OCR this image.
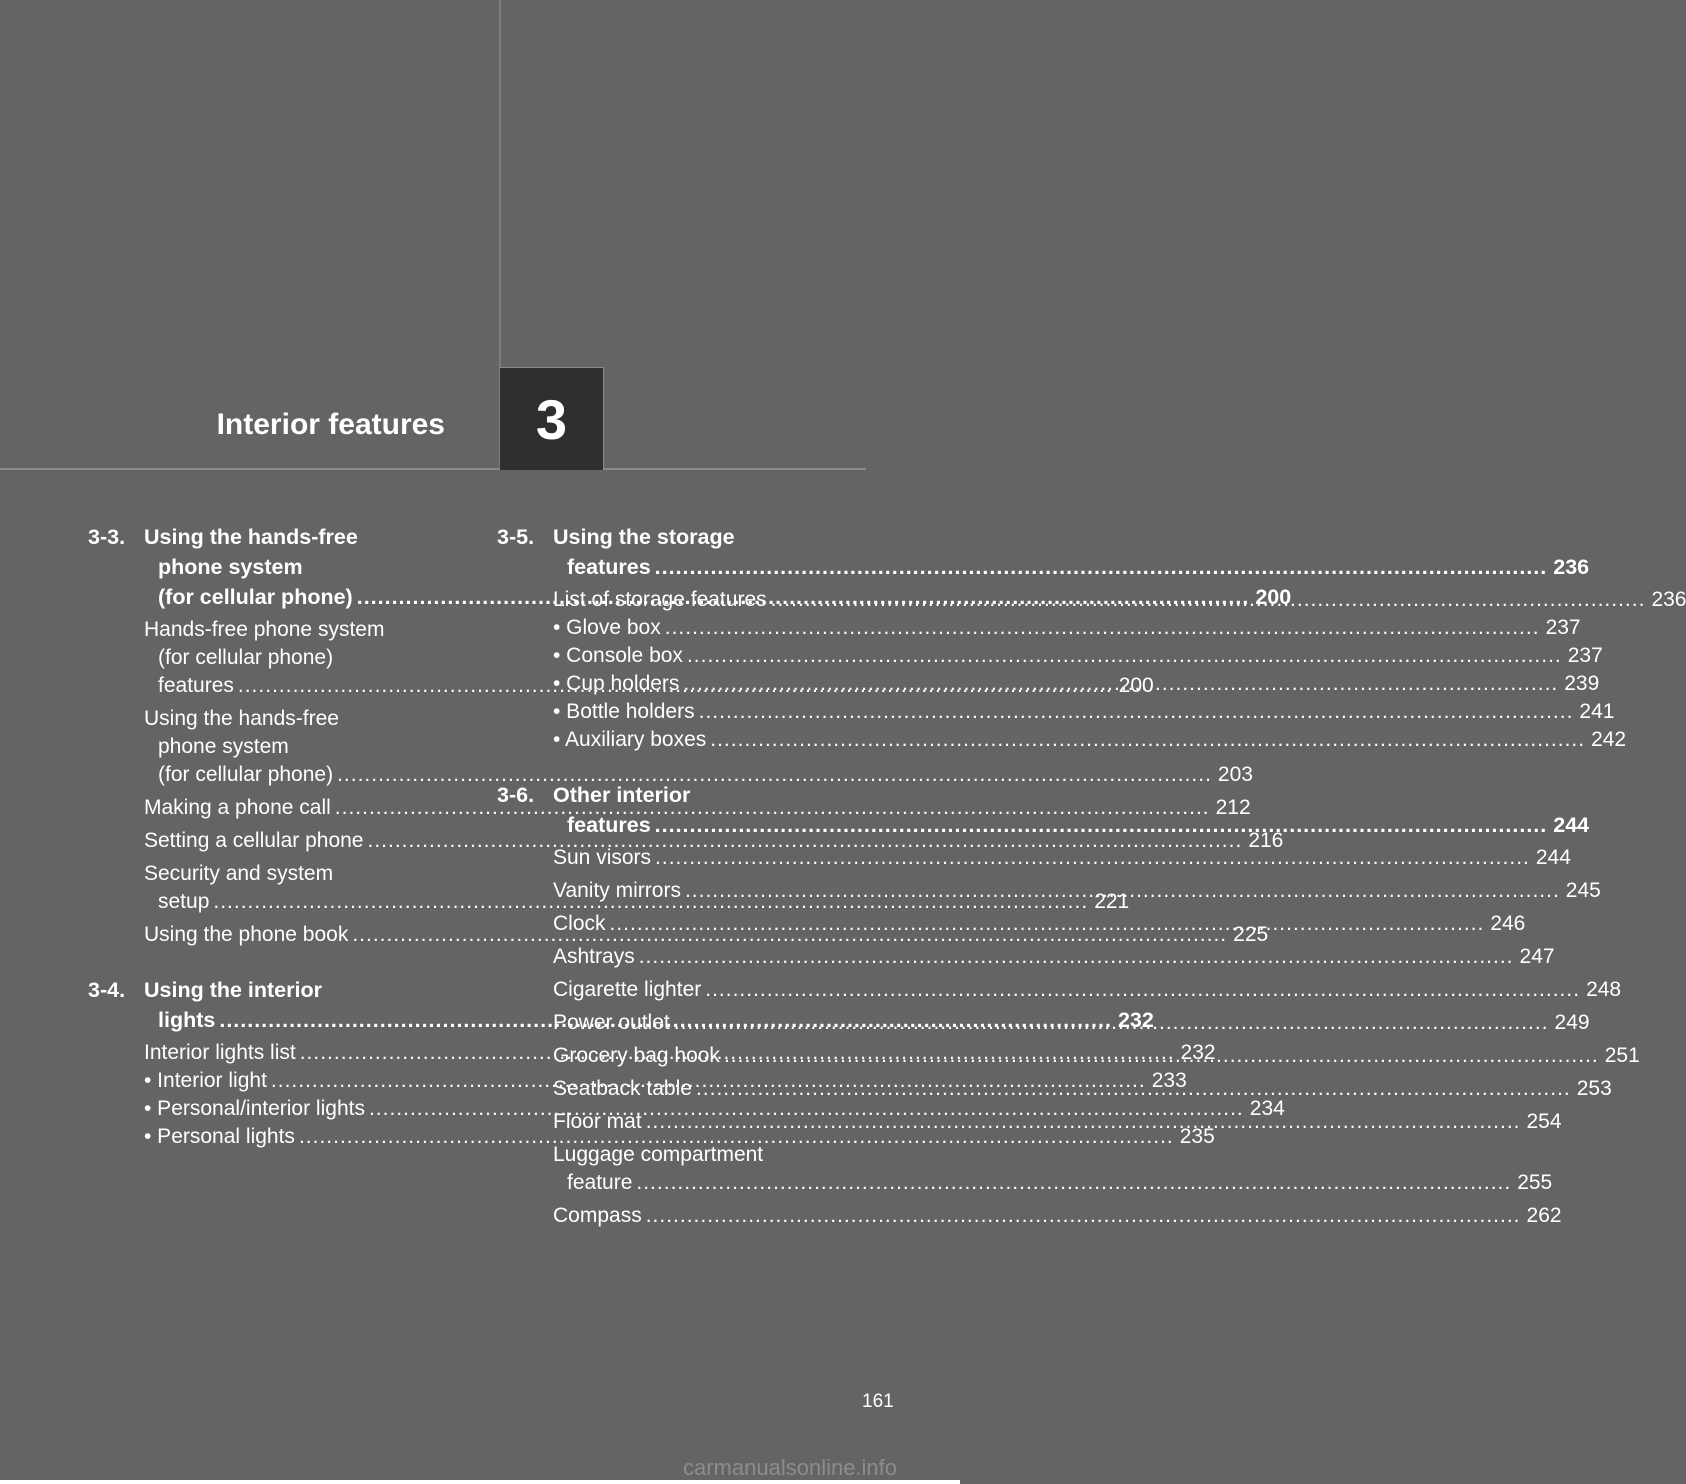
Interior features 3
3-3. Using the hands-free
phone system
(for cellular phone) .....	200
Hands-free phone system
(for cellular phone)
features .....	200
Using the hands-free
phone system
(for cellular phone) .....	203
Making a phone call .....	212
Setting a cellular phone .....	216
Security and system
setup .....	221
Using the phone book .....	225
3-4. Using the interior
lights .....	232
Interior lights list .....	232
• Interior light .....	233
• Personal/interior lights .....	234
• Personal lights .....	235
3-5. Using the storage
features .....	236
List of storage features .....	236
• Glove box .....	237
• Console box .....	237
• Cup holders .....	239
• Bottle holders .....	241
• Auxiliary boxes .....	242
3-6. Other interior
features .....	244
Sun visors .....	244
Vanity mirrors .....	245
Clock .....	246
Ashtrays .....	247
Cigarette lighter .....	248
Power outlet .....	249
Grocery bag hook .....	251
Seatback table .....	253
Floor mat .....	254
Luggage compartment
feature .....	255
Compass .....	262
161
carmanualsonline.info
